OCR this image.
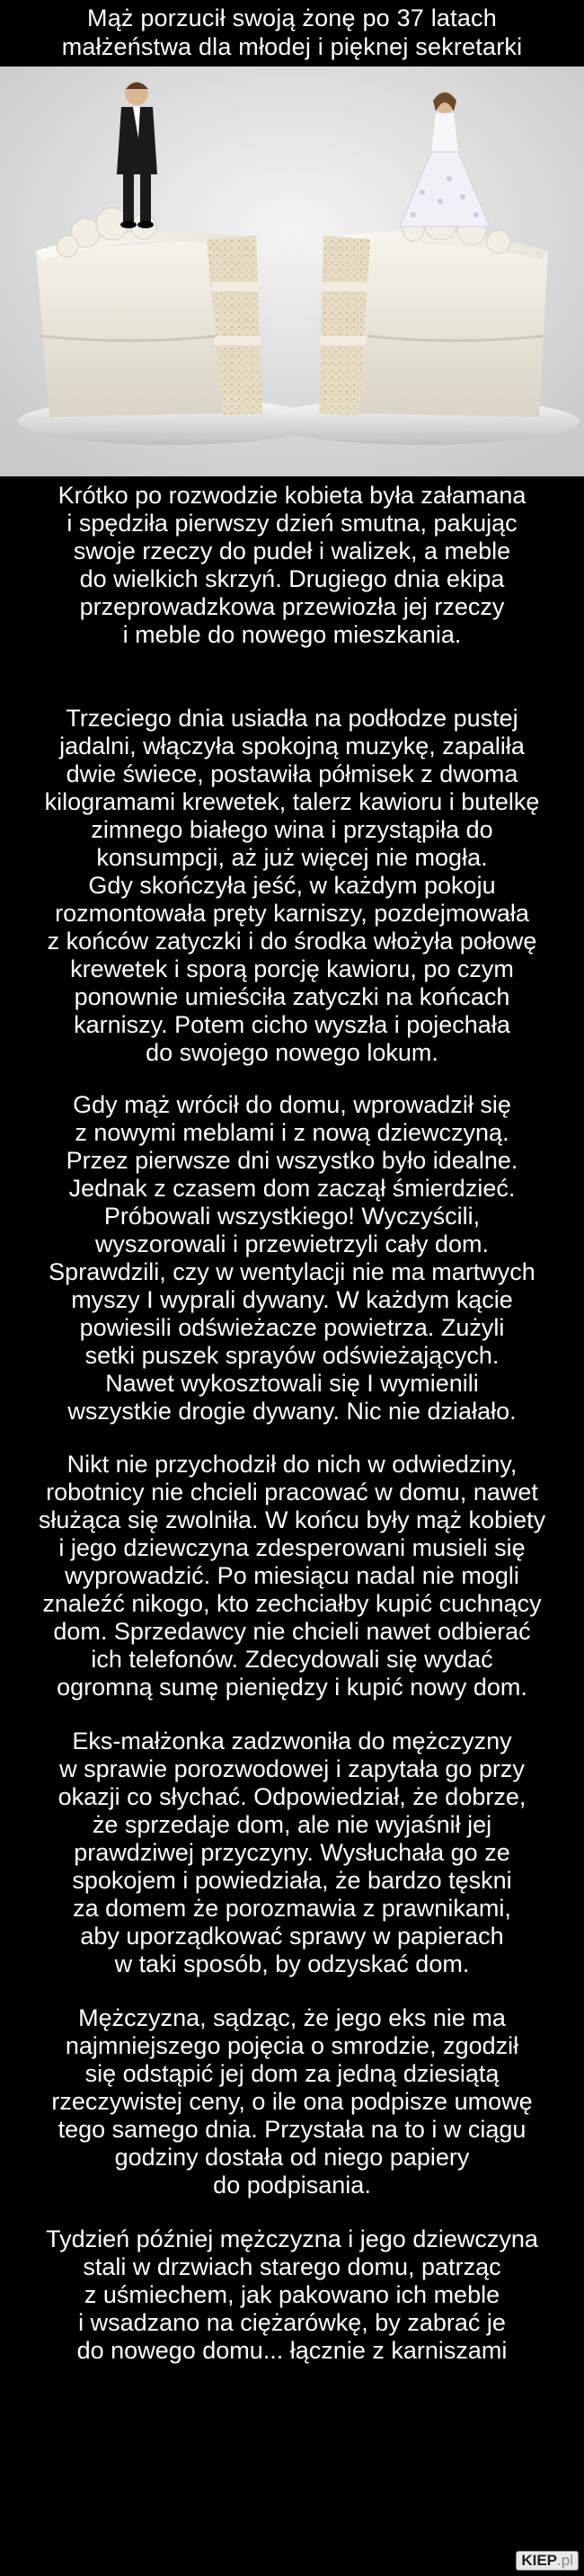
Mąż porzucił swoją żonę po 37 latach
małżeństwa dla młodej i pięknej sekretarki
Krótko po rozwodzie kobieta była załamana
i spędziła pierwszy dzień smutna, pakując
swoje rzeczy do pudeł i walizek, a meble
do wielkich skrzyń. Drugiego dnia ekipa
przeprowadzkowa przewiozła jej rzeczy
i meble do nowego mieszkania.
Trzeciego dnia usiadła na podłodze pustej
jadalni, włączyła spokojną muzykę, zapaliła
dwie świece, postawiła półmisek z dwoma
kilogramami krewetek, talerz kawioru i butelkę
zimnego białego wina i przystąpiła do
konsumpcji, aż już więcej nie mogła.
Gdy skończyła jeść, w każdym pokoju
rozmontowała pręty karniszy, pozdejmowała
z końców zatyczki i do środka włożyła połowę
krewetek i sporą porcję kawioru, po czym
ponownie umieściła zatyczki na końcach
karniszy. Potem cicho wyszła i pojechała
do swojego nowego lokum.
Gdy mąż wrócił do domu, wprowadził się
z nowymi meblami i z nową dziewczyną.
Przez pierwsze dni wszystko było idealne.
Jednak z czasem dom zaczął śmierdzieć.
Próbowali wszystkiego! Wyczyścili,
wyszorowali i przewietrzyli cały dom.
Sprawdzili, czy w wentylacji nie ma martwych
myszy I wyprali dywany. W każdym kącie
powiesili odświeżacze powietrza. Zużyli
setki puszek sprayów odświeżających.
Nawet wykosztowali się I wymienili
wszystkie drogie dywany. Nic nie działało.
Nikt nie przychodził do nich w odwiedziny,
robotnicy nie chcieli pracować w domu, nawet
służąca się zwolniła. W końcu były mąż kobiety
i jego dziewczyna zdesperowani musieli się
wyprowadzić. Po miesiącu nadal nie mogli
znaleźć nikogo, kto zechciałby kupić cuchnący
dom. Sprzedawcy nie chcieli nawet odbierać
ich telefonów. Zdecydowali się wydać
ogromną sumę pieniędzy i kupić nowy dom.
Eks-małżonka zadzwoniła do mężczyzny
w sprawie porozwodowej i zapytała go przy
okazji co słychać. Odpowiedział, że dobrze,
że sprzedaje dom, ale nie wyjaśnił jej
prawdziwej przyczyny. Wysłuchała go ze
spokojem i powiedziała, że bardzo tęskni
za domem że porozmawia z prawnikami,
aby uporządkować sprawy w papierach
w taki sposób, by odzyskać dom.
Mężczyzna, sądząc, że jego eks nie ma
najmniejszego pojęcia o smrodzie, zgodził
się odstąpić jej dom za jedną dziesiątą
rzeczywistej ceny, o ile ona podpisze umowę
tego samego dnia. Przystała na to i w ciągu
godziny dostała od niego papiery
do podpisania.
Tydzień później mężczyzna i jego dziewczyna
stali w drzwiach starego domu, patrząc
z uśmiechem, jak pakowano ich meble
i wsadzano na ciężarówkę, by zabrać je
do nowego domu... łącznie z karniszami
KIEP.pl
